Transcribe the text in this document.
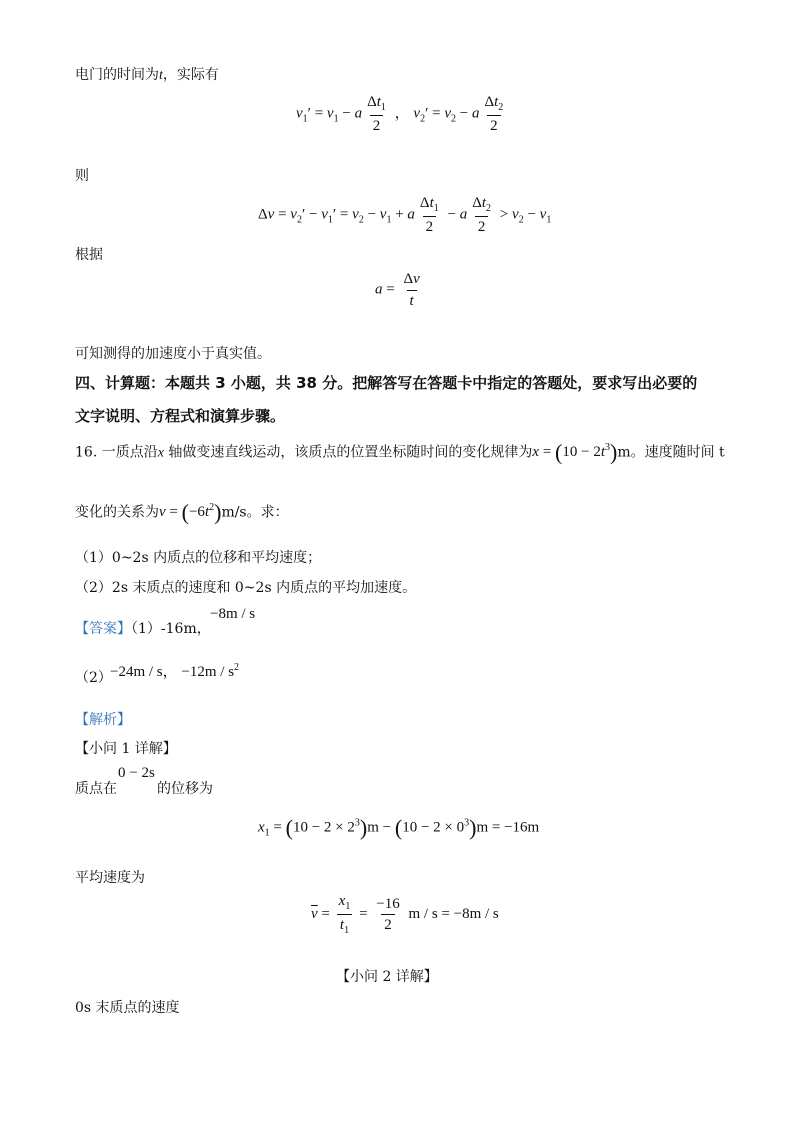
电门的时间为t，实际有
$v_1' = v_1 - a \frac{\Delta t_1}{2}$ ， $v_2' = v_2 - a \frac{\Delta t_2}{2}$
则
$\Delta v = v_2' - v_1' = v_2 - v_1 + a \frac{\Delta t_1}{2} - a \frac{\Delta t_2}{2} > v_2 - v_1$
根据
$a = \frac{\Delta v}{t}$
可知测得的加速度小于真实值。
四、计算题：本题共 3 小题，共 38 分。把解答写在答题卡中指定的答题处，要求写出必要的
文字说明、方程式和演算步骤。
16. 一质点沿x 轴做变速直线运动，该质点的位置坐标随时间的变化规律为$x = (10 - 2t^3)m$。速度随时间 t
变化的关系为$v = (-6t^2)m/s$。求：
（1）0~2s 内质点的位移和平均速度；
（2）2s 末质点的速度和 0~2s 内质点的平均加速度。
【答案】（1）-16m，
−8m / s
（2）
−24m / s， $-12m / s^2$
【解析】
【小问 1 详解】
质点在
0 − 2s
的位移为
$x_1 = (10 - 2 \times 2^3)m - (10 - 2 \times 0^3)m = -16m$
平均速度为
$\overline{v} = \frac{x_1}{t_1} = \frac{-16}{2}$ m / s = −8m / s
【小问 2 详解】
0s 末质点的速度
